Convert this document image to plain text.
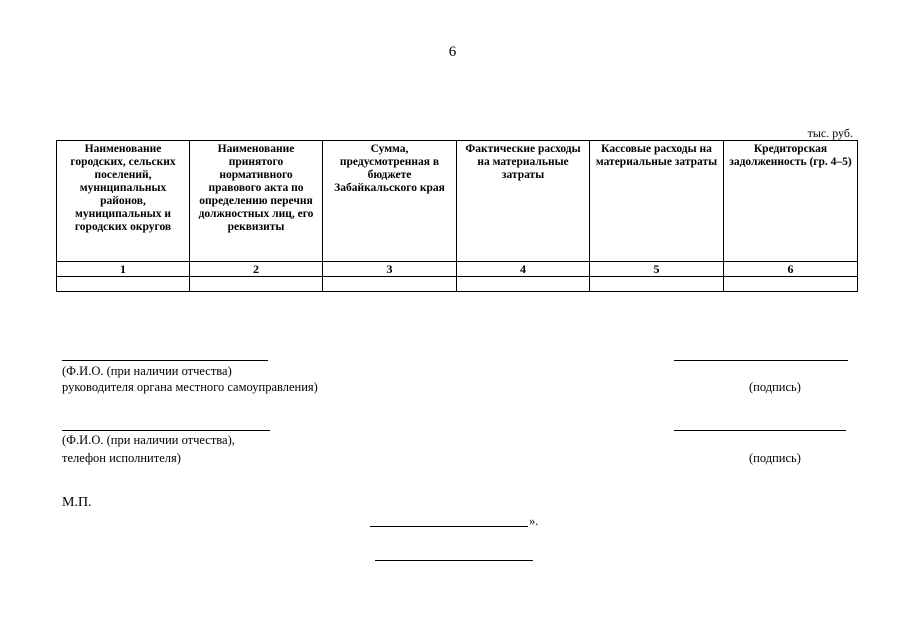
6
тыс. руб.
Наименование городских, сельских поселений, муниципальных районов, муниципальных и городских округов	Наименование принятого нормативного правового акта по определению перечня должностных лиц, его реквизиты	Сумма, предусмотренная в бюджете Забайкальского края	Фактические расходы на материальные затраты	Кассовые расходы на материальные затраты	Кредиторская задолженность (гр. 4–5)
1	2	3	4	5	6

(Ф.И.О. (при наличии отчества)
руководителя органа местного самоуправления)	(подпись)
(Ф.И.О. (при наличии отчества),
телефон исполнителя)	(подпись)
М.П.
».
